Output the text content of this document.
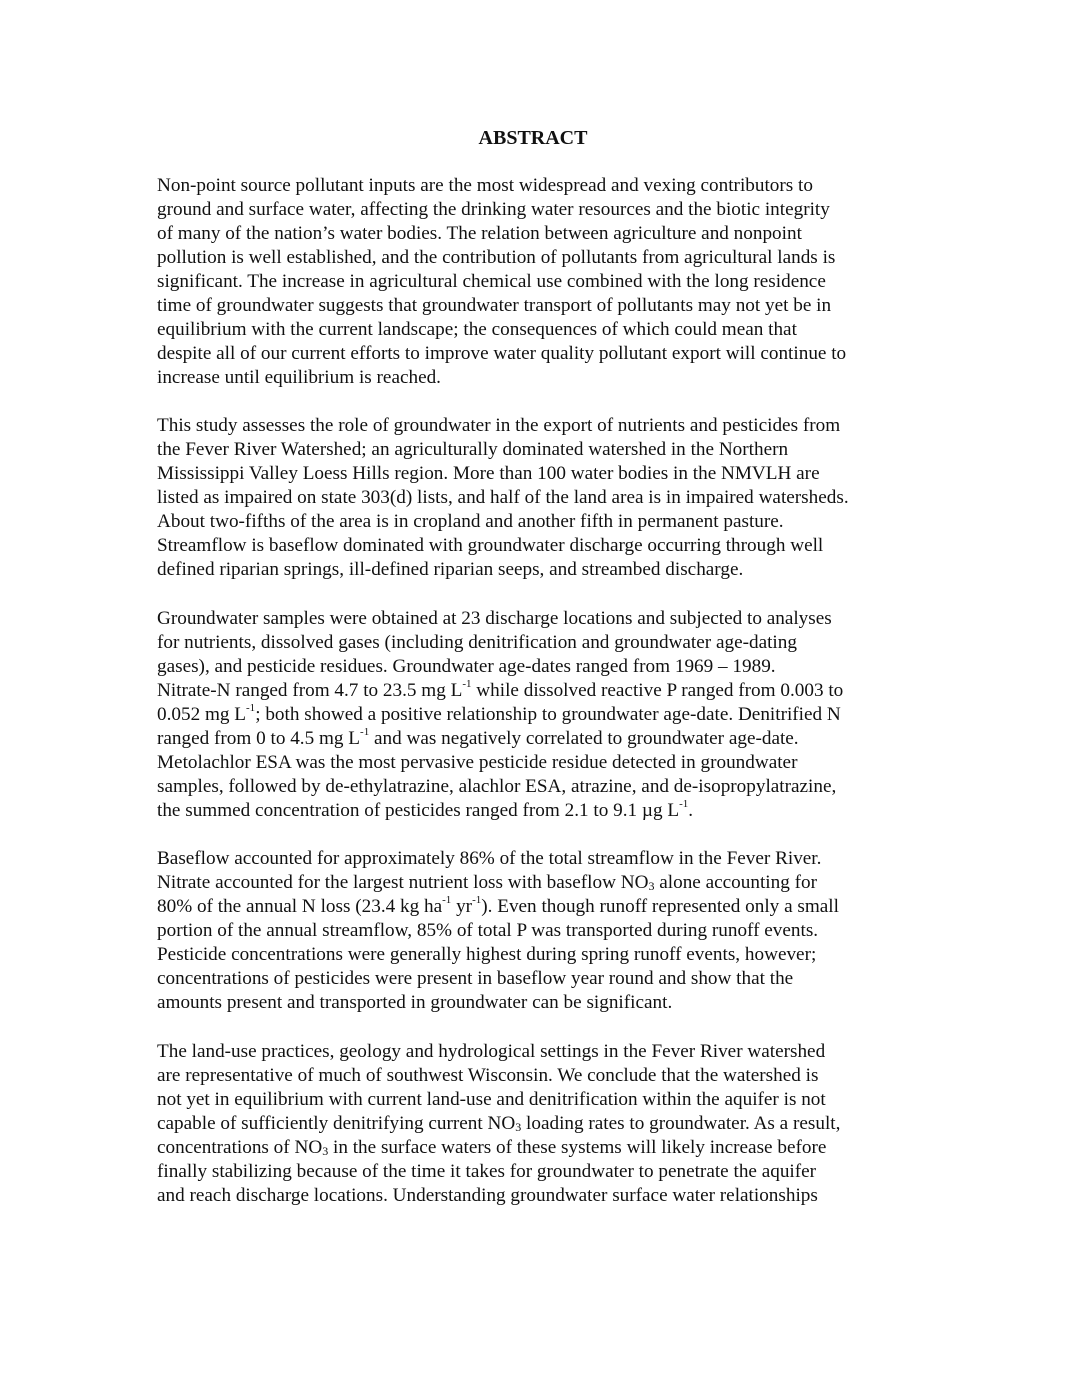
ABSTRACT
Non-point source pollutant inputs are the most widespread and vexing contributors to
ground and surface water, affecting the drinking water resources and the biotic integrity
of many of the nation’s water bodies. The relation between agriculture and nonpoint
pollution is well established, and the contribution of pollutants from agricultural lands is
significant. The increase in agricultural chemical use combined with the long residence
time of groundwater suggests that groundwater transport of pollutants may not yet be in
equilibrium with the current landscape; the consequences of which could mean that
despite all of our current efforts to improve water quality pollutant export will continue to
increase until equilibrium is reached.
This study assesses the role of groundwater in the export of nutrients and pesticides from
the Fever River Watershed; an agriculturally dominated watershed in the Northern
Mississippi Valley Loess Hills region. More than 100 water bodies in the NMVLH are
listed as impaired on state 303(d) lists, and half of the land area is in impaired watersheds.
About two-fifths of the area is in cropland and another fifth in permanent pasture.
Streamflow is baseflow dominated with groundwater discharge occurring through well
defined riparian springs, ill-defined riparian seeps, and streambed discharge.
Groundwater samples were obtained at 23 discharge locations and subjected to analyses
for nutrients, dissolved gases (including denitrification and groundwater age-dating
gases), and pesticide residues. Groundwater age-dates ranged from 1969 – 1989.
Nitrate-N ranged from 4.7 to 23.5 mg $L^{-1}$ while dissolved reactive P ranged from 0.003 to
0.052 mg $L^{-1}$; both showed a positive relationship to groundwater age-date. Denitrified N
ranged from 0 to 4.5 mg $L^{-1}$ and was negatively correlated to groundwater age-date.
Metolachlor ESA was the most pervasive pesticide residue detected in groundwater
samples, followed by de-ethylatrazine, alachlor ESA, atrazine, and de-isopropylatrazine,
the summed concentration of pesticides ranged from 2.1 to 9.1 µg $L^{-1}$.
Baseflow accounted for approximately 86% of the total streamflow in the Fever River.
Nitrate accounted for the largest nutrient loss with baseflow $NO_3$ alone accounting for
80% of the annual N loss (23.4 kg $ha^{-1}$ $yr^{-1}$). Even though runoff represented only a small
portion of the annual streamflow, 85% of total P was transported during runoff events.
Pesticide concentrations were generally highest during spring runoff events, however;
concentrations of pesticides were present in baseflow year round and show that the
amounts present and transported in groundwater can be significant.
The land-use practices, geology and hydrological settings in the Fever River watershed
are representative of much of southwest Wisconsin. We conclude that the watershed is
not yet in equilibrium with current land-use and denitrification within the aquifer is not
capable of sufficiently denitrifying current $NO_3$ loading rates to groundwater. As a result,
concentrations of $NO_3$ in the surface waters of these systems will likely increase before
finally stabilizing because of the time it takes for groundwater to penetrate the aquifer
and reach discharge locations. Understanding groundwater surface water relationships
